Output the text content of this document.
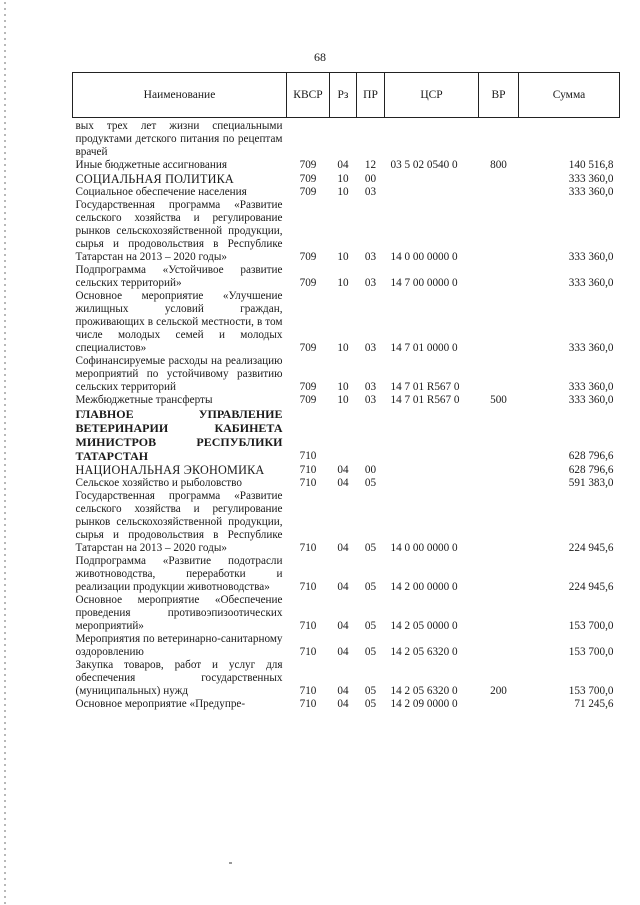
68
Наименование	КВСР	Рз	ПР	ЦСР	ВР	Сумма
вых трех лет жизни специальными продуктами детского питания по рецептам врачей						
Иные бюджетные ассигнования	709	04	12	03 5 02 0540 0	800	140 516,8
СОЦИАЛЬНАЯ ПОЛИТИКА	709	10	00			333 360,0
Социальное обеспечение населения	709	10	03			333 360,0
Государственная программа «Развитие сельского хозяйства и регулирование рынков сельскохозяйственной продукции, сырья и продовольствия в Республике Татарстан на 2013 – 2020 годы»	709	10	03	14 0 00 0000 0		333 360,0
Подпрограмма «Устойчивое развитие сельских территорий»	709	10	03	14 7 00 0000 0		333 360,0
Основное мероприятие «Улучшение жилищных условий граждан, проживающих в сельской местности, в том числе молодых семей и молодых специалистов»	709	10	03	14 7 01 0000 0		333 360,0
Софинансируемые расходы на реализацию мероприятий по устойчивому развитию сельских территорий	709	10	03	14 7 01 R567 0		333 360,0
Межбюджетные трансферты	709	10	03	14 7 01 R567 0	500	333 360,0
ГЛАВНОЕ УПРАВЛЕНИЕ ВЕТЕРИНАРИИ КАБИНЕТА МИНИСТРОВ РЕСПУБЛИКИ ТАТАРСТАН	710					628 796,6
НАЦИОНАЛЬНАЯ ЭКОНОМИКА	710	04	00			628 796,6
Сельское хозяйство и рыболовство	710	04	05			591 383,0
Государственная программа «Развитие сельского хозяйства и регулирование рынков сельскохозяйственной продукции, сырья и продовольствия в Республике Татарстан на 2013 – 2020 годы»	710	04	05	14 0 00 0000 0		224 945,6
Подпрограмма «Развитие подотрасли животноводства, переработки и реализации продукции животноводства»	710	04	05	14 2 00 0000 0		224 945,6
Основное мероприятие «Обеспечение проведения противоэпизоотических мероприятий»	710	04	05	14 2 05 0000 0		153 700,0
Мероприятия по ветеринарно-санитарному оздоровлению	710	04	05	14 2 05 6320 0		153 700,0
Закупка товаров, работ и услуг для обеспечения государственных (муниципальных) нужд	710	04	05	14 2 05 6320 0	200	153 700,0
Основное мероприятие «Предупре-	710	04	05	14 2 09 0000 0		71 245,6
